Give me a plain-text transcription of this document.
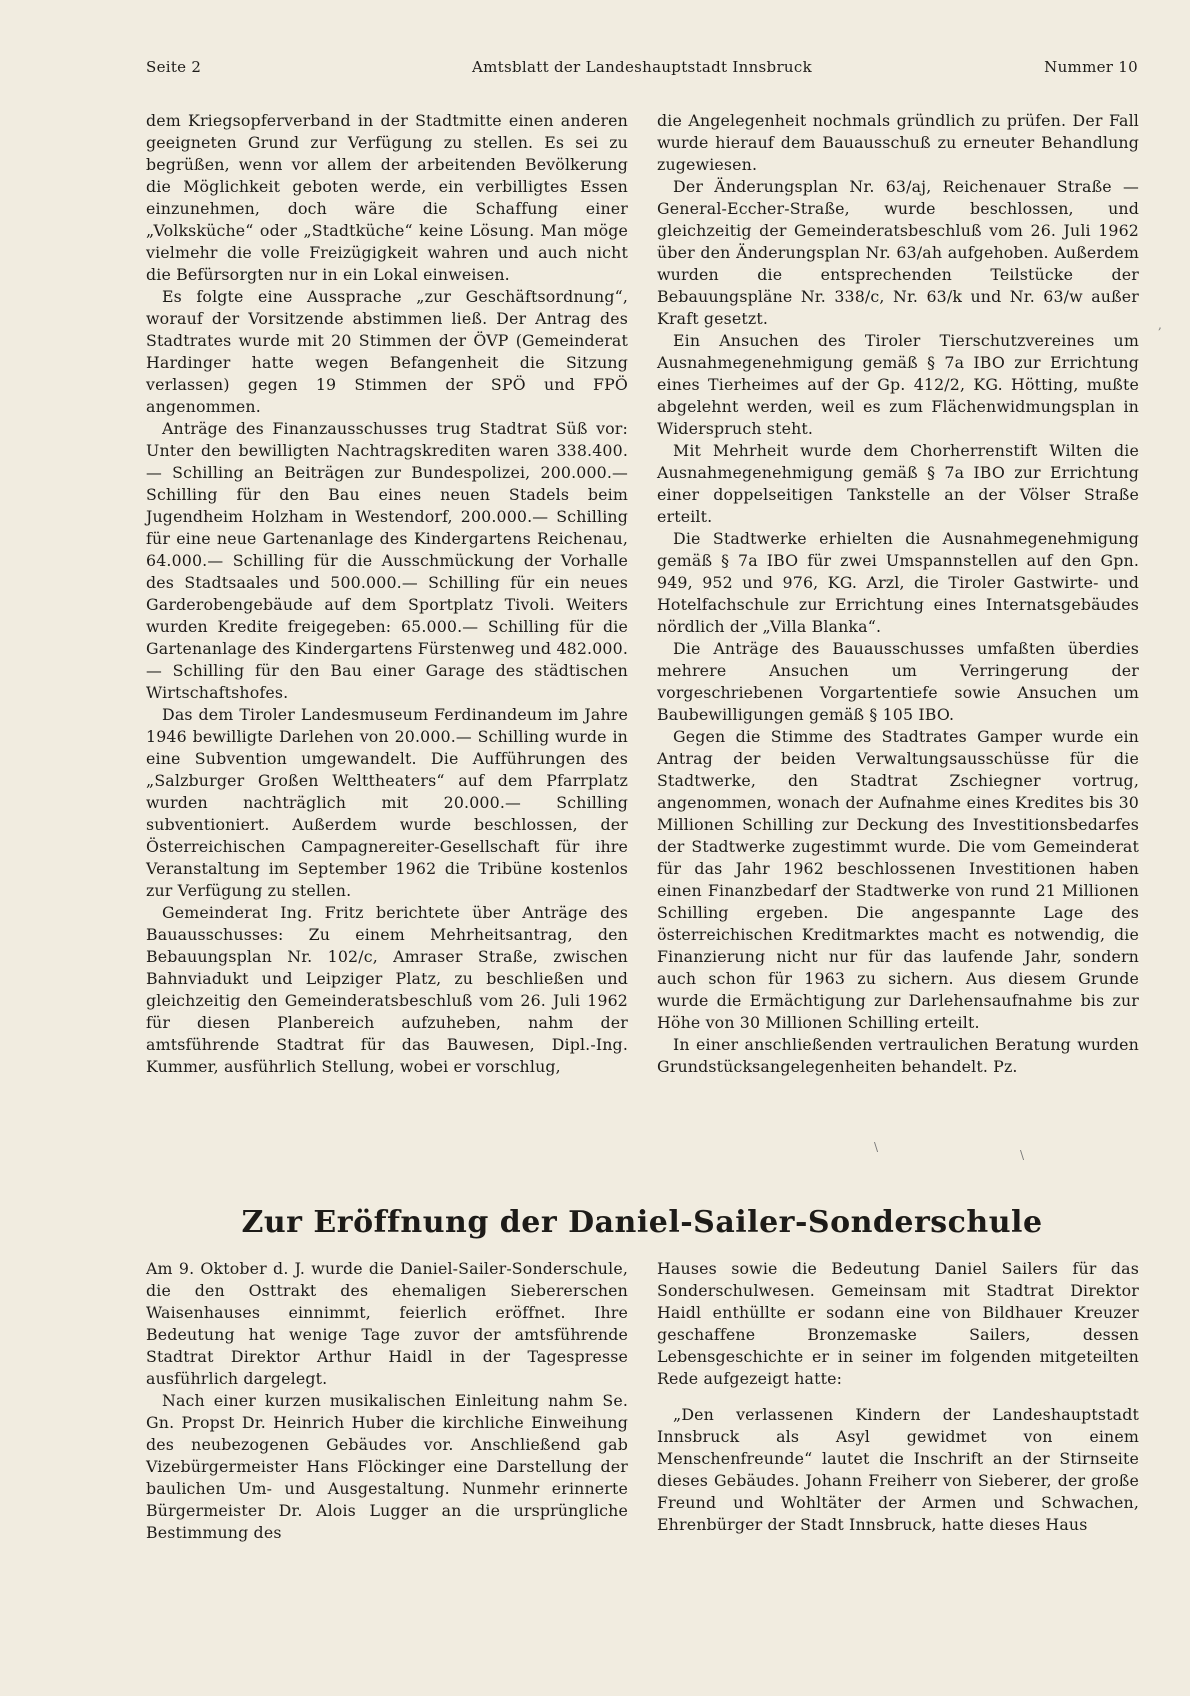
Seite 2	Amtsblatt der Landeshauptstadt Innsbruck	Nummer 10

dem Kriegsopferverband in der Stadtmitte einen anderen geeigneten Grund zur Verfügung zu stellen. Es sei zu begrüßen, wenn vor allem der arbeitenden Bevölkerung die Möglichkeit geboten werde, ein verbilligtes Essen einzunehmen, doch wäre die Schaffung einer „Volksküche“ oder „Stadtküche“ keine Lösung. Man möge vielmehr die volle Freizügigkeit wahren und auch nicht die Befürsorgten nur in ein Lokal einweisen.

Es folgte eine Aussprache „zur Geschäftsordnung“, worauf der Vorsitzende abstimmen ließ. Der Antrag des Stadtrates wurde mit 20 Stimmen der ÖVP (Gemeinderat Hardinger hatte wegen Befangenheit die Sitzung verlassen) gegen 19 Stimmen der SPÖ und FPÖ angenommen.

Anträge des Finanzausschusses trug Stadtrat Süß vor: Unter den bewilligten Nachtragskrediten waren 338.400.— Schilling an Beiträgen zur Bundespolizei, 200.000.— Schilling für den Bau eines neuen Stadels beim Jugendheim Holzham in Westendorf, 200.000.— Schilling für eine neue Gartenanlage des Kindergartens Reichenau, 64.000.— Schilling für die Ausschmückung der Vorhalle des Stadtsaales und 500.000.— Schilling für ein neues Garderobengebäude auf dem Sportplatz Tivoli. Weiters wurden Kredite freigegeben: 65.000.— Schilling für die Gartenanlage des Kindergartens Fürstenweg und 482.000.— Schilling für den Bau einer Garage des städtischen Wirtschaftshofes.

Das dem Tiroler Landesmuseum Ferdinandeum im Jahre 1946 bewilligte Darlehen von 20.000.— Schilling wurde in eine Subvention umgewandelt. Die Aufführungen des „Salzburger Großen Welttheaters“ auf dem Pfarrplatz wurden nachträglich mit 20.000.— Schilling subventioniert. Außerdem wurde beschlossen, der Österreichischen Campagnereiter-Gesellschaft für ihre Veranstaltung im September 1962 die Tribüne kostenlos zur Verfügung zu stellen.

Gemeinderat Ing. Fritz berichtete über Anträge des Bauausschusses: Zu einem Mehrheitsantrag, den Bebauungsplan Nr. 102/c, Amraser Straße, zwischen Bahnviadukt und Leipziger Platz, zu beschließen und gleichzeitig den Gemeinderatsbeschluß vom 26. Juli 1962 für diesen Planbereich aufzuheben, nahm der amtsführende Stadtrat für das Bauwesen, Dipl.-Ing. Kummer, ausführlich Stellung, wobei er vorschlug,

die Angelegenheit nochmals gründlich zu prüfen. Der Fall wurde hierauf dem Bauausschuß zu erneuter Behandlung zugewiesen.

Der Änderungsplan Nr. 63/aj, Reichenauer Straße —General-Eccher-Straße, wurde beschlossen, und gleichzeitig der Gemeinderatsbeschluß vom 26. Juli 1962 über den Änderungsplan Nr. 63/ah aufgehoben. Außerdem wurden die entsprechenden Teilstücke der Bebauungspläne Nr. 338/c, Nr. 63/k und Nr. 63/w außer Kraft gesetzt.

Ein Ansuchen des Tiroler Tierschutzvereines um Ausnahmegenehmigung gemäß § 7a IBO zur Errichtung eines Tierheimes auf der Gp. 412/2, KG. Hötting, mußte abgelehnt werden, weil es zum Flächenwidmungsplan in Widerspruch steht.

Mit Mehrheit wurde dem Chorherrenstift Wilten die Ausnahmegenehmigung gemäß § 7a IBO zur Errichtung einer doppelseitigen Tankstelle an der Völser Straße erteilt.

Die Stadtwerke erhielten die Ausnahmegenehmigung gemäß § 7a IBO für zwei Umspannstellen auf den Gpn. 949, 952 und 976, KG. Arzl, die Tiroler Gastwirte- und Hotelfachschule zur Errichtung eines Internatsgebäudes nördlich der „Villa Blanka“.

Die Anträge des Bauausschusses umfaßten überdies mehrere Ansuchen um Verringerung der vorgeschriebenen Vorgartentiefe sowie Ansuchen um Baubewilligungen gemäß § 105 IBO.

Gegen die Stimme des Stadtrates Gamper wurde ein Antrag der beiden Verwaltungsausschüsse für die Stadtwerke, den Stadtrat Zschiegner vortrug, angenommen, wonach der Aufnahme eines Kredites bis 30 Millionen Schilling zur Deckung des Investitionsbedarfes der Stadtwerke zugestimmt wurde. Die vom Gemeinderat für das Jahr 1962 beschlossenen Investitionen haben einen Finanzbedarf der Stadtwerke von rund 21 Millionen Schilling ergeben. Die angespannte Lage des österreichischen Kreditmarktes macht es notwendig, die Finanzierung nicht nur für das laufende Jahr, sondern auch schon für 1963 zu sichern. Aus diesem Grunde wurde die Ermächtigung zur Darlehensaufnahme bis zur Höhe von 30 Millionen Schilling erteilt.

In einer anschließenden vertraulichen Beratung wurden Grundstücksangelegenheiten behandelt. Pz.

,
\
\
Zur Eröffnung der Daniel-Sailer-Sonderschule

Am 9. Oktober d. J. wurde die Daniel-Sailer-Sonderschule, die den Osttrakt des ehemaligen Siebererschen Waisenhauses einnimmt, feierlich eröffnet. Ihre Bedeutung hat wenige Tage zuvor der amtsführende Stadtrat Direktor Arthur Haidl in der Tagespresse ausführlich dargelegt.

Nach einer kurzen musikalischen Einleitung nahm Se. Gn. Propst Dr. Heinrich Huber die kirchliche Einweihung des neubezogenen Gebäudes vor. Anschließend gab Vizebürgermeister Hans Flöckinger eine Darstellung der baulichen Um- und Ausgestaltung. Nunmehr erinnerte Bürgermeister Dr. Alois Lugger an die ursprüngliche Bestimmung des

Hauses sowie die Bedeutung Daniel Sailers für das Sonderschulwesen. Gemeinsam mit Stadtrat Direktor Haidl enthüllte er sodann eine von Bildhauer Kreuzer geschaffene Bronzemaske Sailers, dessen Lebensgeschichte er in seiner im folgenden mitgeteilten Rede aufgezeigt hatte:

„Den verlassenen Kindern der Landeshauptstadt Innsbruck als Asyl gewidmet von einem Menschenfreunde“ lautet die Inschrift an der Stirnseite dieses Gebäudes. Johann Freiherr von Sieberer, der große Freund und Wohltäter der Armen und Schwachen, Ehrenbürger der Stadt Innsbruck, hatte dieses Haus
